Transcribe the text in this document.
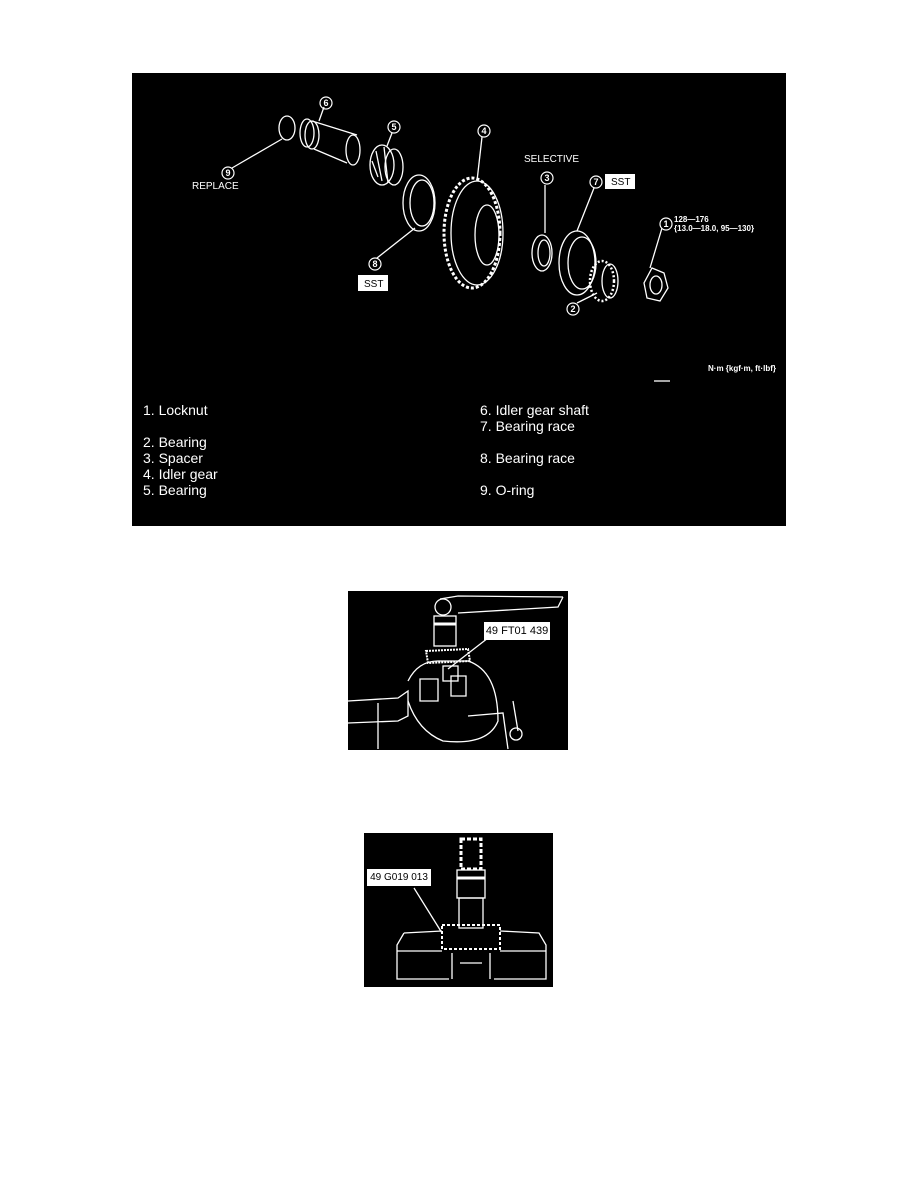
9
6
5	4
3	7
1
8
2
REPLACE
SELECTIVE
128—176
{13.0—18.0, 95—130}
N·m {kgf·m, ft·lbf}
SST
SST
1. Locknut
2. Bearing
3. Spacer
4. Idler gear
5. Bearing
6. Idler gear shaft
7. Bearing race
8. Bearing race
9. O-ring
49 FT01 439
49 G019 013
